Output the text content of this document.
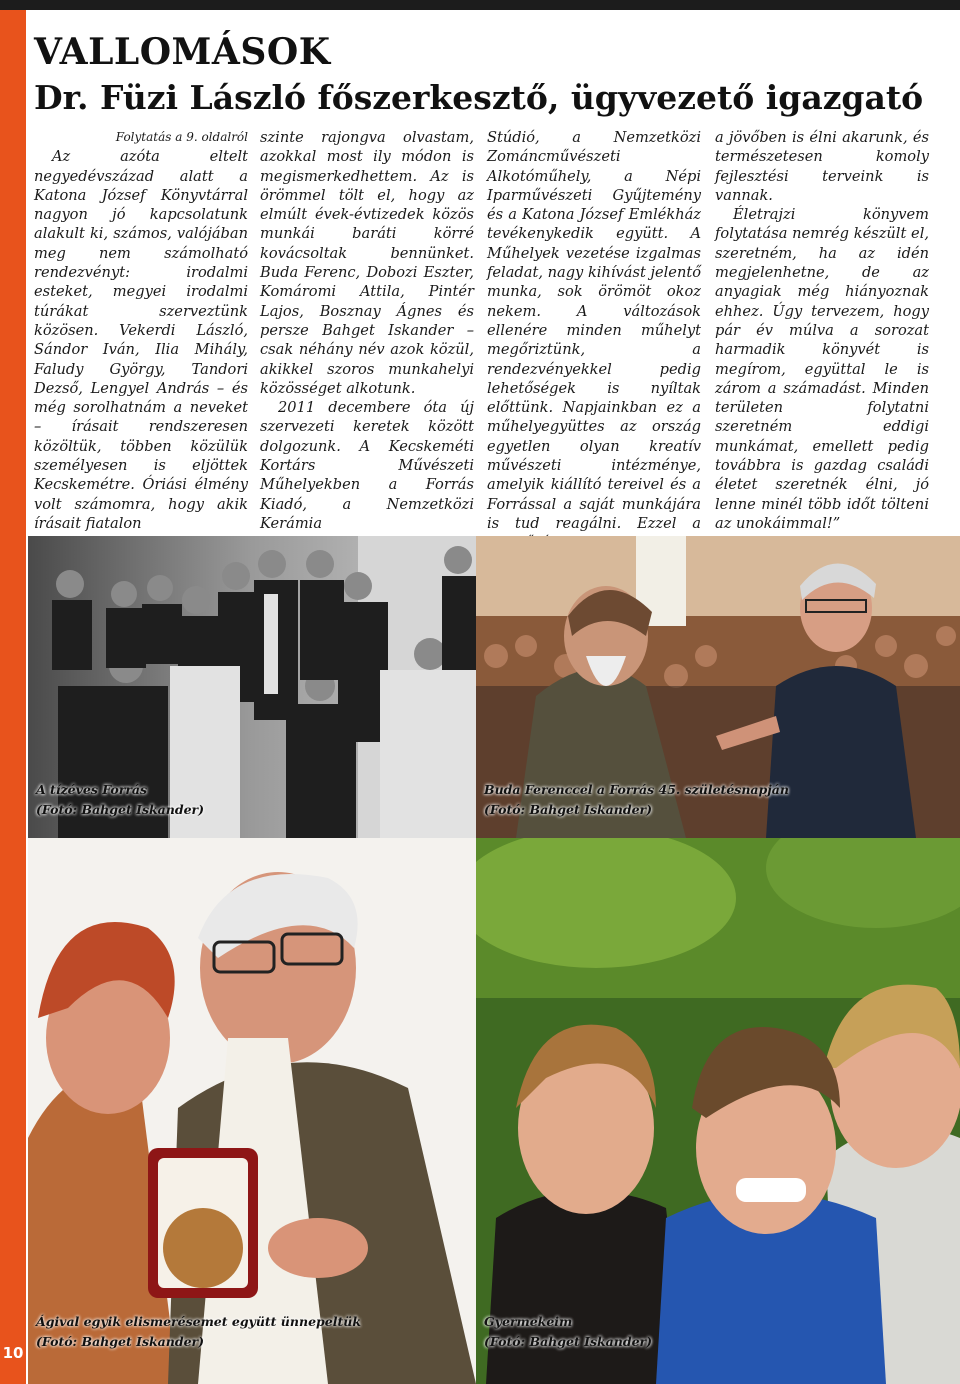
10
VALLOMÁSOK
Dr. Füzi László főszerkesztő, ügyvezető igazgató
Folytatás a 9. oldalról

Az azóta eltelt negyedévszázad alatt a Katona József Könyvtárral nagyon jó kapcsolatunk alakult ki, számos, valójában meg nem számolható rendezvényt: irodalmi esteket, megyei irodalmi túrákat szerveztünk közösen. Vekerdi László, Sándor Iván, Ilia Mihály, Faludy György, Tandori Dezső, Lengyel András – és még sorolhatnám a neveket – írásait rendszeresen közöltük, többen közülük személyesen is eljöttek Kecskemétre. Óriási élmény volt számomra, hogy akik írásait fiatalon

szinte rajongva olvastam, azokkal most ily módon is megismerkedhettem. Az is örömmel tölt el, hogy az elmúlt évek-évtizedek közös munkái baráti körré kovácsoltak bennünket. Buda Ferenc, Dobozi Eszter, Komáromi Attila, Pintér Lajos, Bosznay Ágnes és persze Bahget Iskander – csak néhány név azok közül, akikkel szoros munkahelyi közösséget alkotunk.

2011 decembere óta új szervezeti keretek között dolgozunk. A Kecskeméti Kortárs Művészeti Műhelyekben a Forrás Kiadó, a Nemzetközi Kerámia

Stúdió, a Nemzetközi Zománcművészeti Alkotóműhely, a Népi Iparművészeti Gyűjtemény és a Katona József Emlékház tevékenykedik együtt. A Műhelyek vezetése izgalmas feladat, nagy kihívást jelentő munka, sok örömöt okoz nekem. A változások ellenére minden műhelyt megőriztünk, a rendezvényekkel pedig lehetőségek is nyíltak előttünk. Napjainkban ez a műhelyegyüttes az ország egyetlen olyan kreatív művészeti intézménye, amelyik kiállító tereivel és a Forrással a saját munkájára is tud reagálni. Ezzel a

a jövőben is élni akarunk, és természetesen komoly fejlesztési terveink is vannak.

Életrajzi könyvem folytatása nemrég készült el, szeretném, ha az idén megjelenhetne, de az anyagiak még hiányoznak ehhez. Úgy tervezem, hogy pár év múlva a sorozat harmadik könyvét is megírom, együttal le is zárom a számadást. Minden területen folytatni szeretném eddigi munkámat, emellett pedig továbbra is gazdag családi életet szeretnék élni, jó lenne minél több időt tölteni az unokáimmal!”

A tízéves Forrás
(Fotó: Bahget Iskander)
Buda Ferenccel a Forrás 45. születésnapján
(Fotó: Bahget Iskander)
Ágival egyik elismerésemet együtt ünnepeltük
(Fotó: Bahget Iskander)
Gyermekeim
(Fotó: Bahget Iskander)
